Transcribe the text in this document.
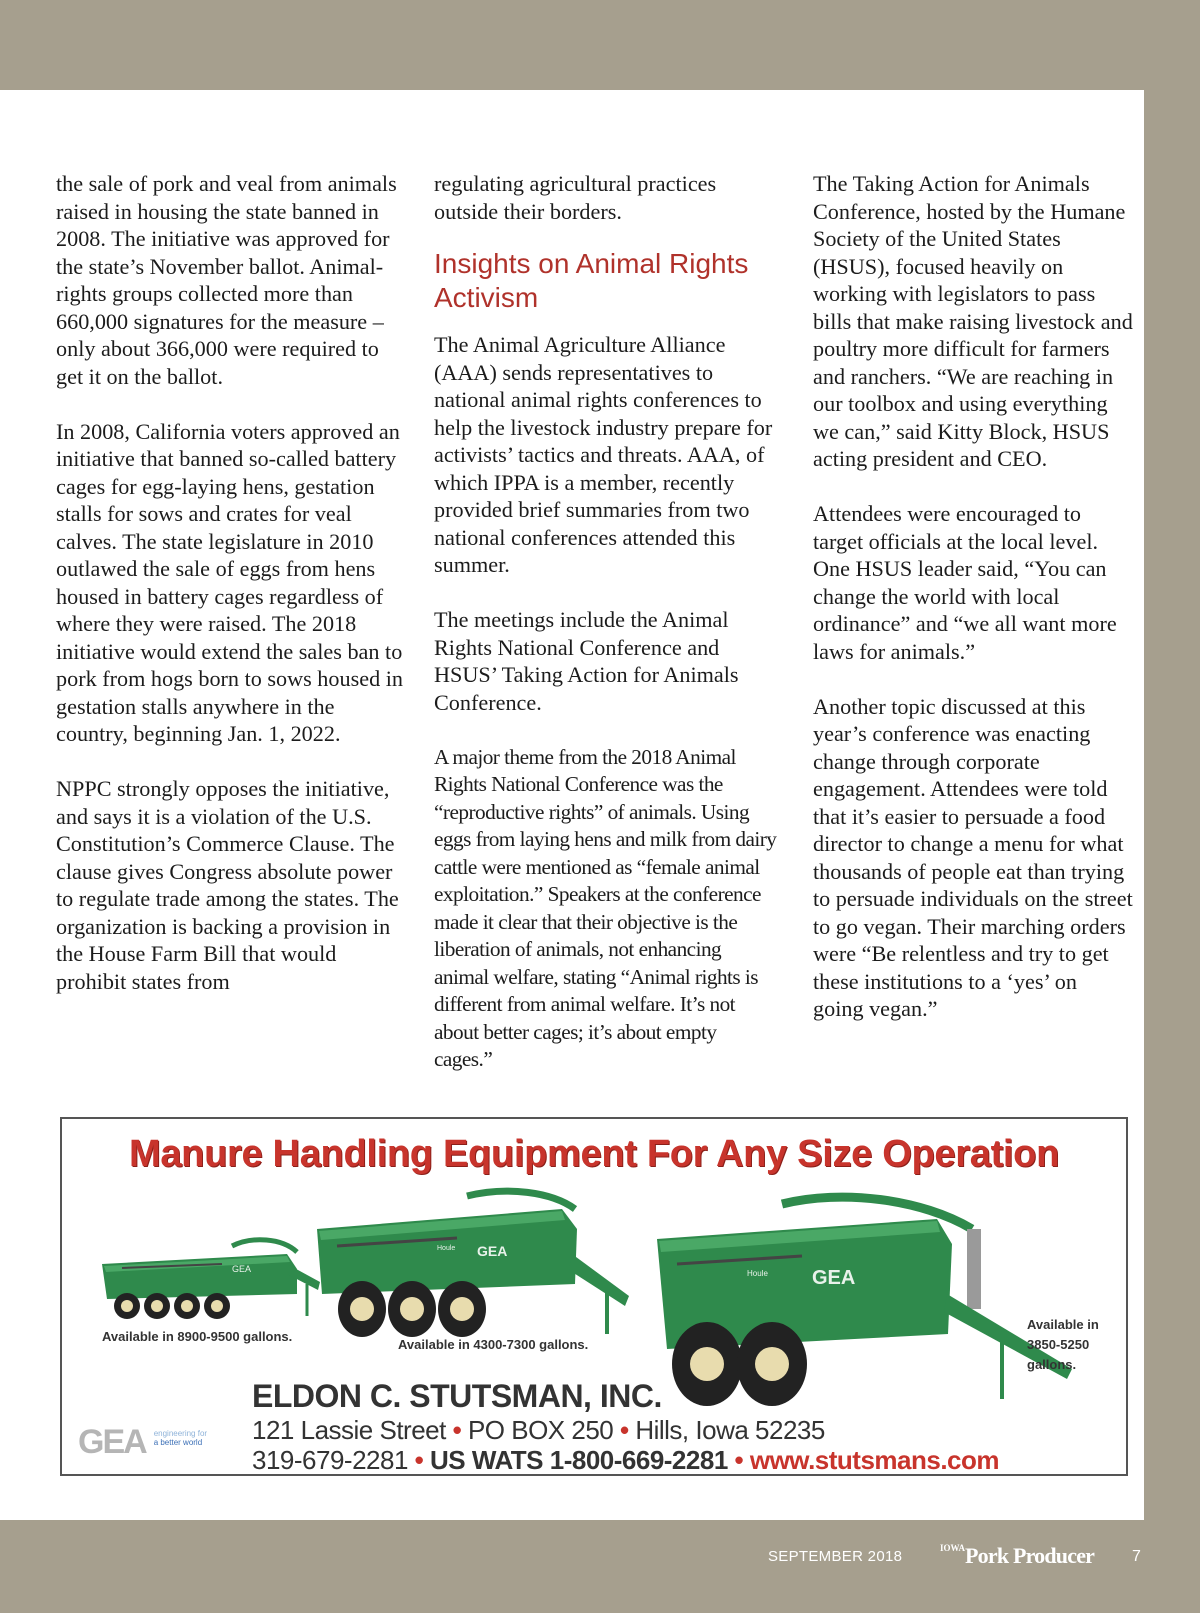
the sale of pork and veal from animals raised in housing the state banned in 2008. The initiative was approved for the state’s November ballot. Animal-rights groups collected more than 660,000 signatures for the measure – only about 366,000 were required to get it on the ballot.

In 2008, California voters approved an initiative that banned so-called battery cages for egg-laying hens, gestation stalls for sows and crates for veal calves. The state legislature in 2010 outlawed the sale of eggs from hens housed in battery cages regardless of where they were raised. The 2018 initiative would extend the sales ban to pork from hogs born to sows housed in gestation stalls anywhere in the country, beginning Jan. 1, 2022.

NPPC strongly opposes the initiative, and says it is a violation of the U.S. Constitution’s Commerce Clause. The clause gives Congress absolute power to regulate trade among the states. The organization is backing a provision in the House Farm Bill that would prohibit states from

regulating agricultural practices outside their borders.

Insights on Animal Rights Activism

The Animal Agriculture Alliance (AAA) sends representatives to national animal rights conferences to help the livestock industry prepare for activists’ tactics and threats. AAA, of which IPPA is a member, recently provided brief summaries from two national conferences attended this summer.

The meetings include the Animal Rights National Conference and HSUS’ Taking Action for Animals Conference.

A major theme from the 2018 Animal Rights National Conference was the “reproductive rights” of animals. Using eggs from laying hens and milk from dairy cattle were mentioned as “female animal exploitation.” Speakers at the conference made it clear that their objective is the liberation of animals, not enhancing animal welfare, stating “Animal rights is different from animal welfare. It’s not about better cages; it’s about empty cages.”

The Taking Action for Animals Conference, hosted by the Humane Society of the United States (HSUS), focused heavily on working with legislators to pass bills that make raising livestock and poultry more difficult for farmers and ranchers. “We are reaching in our toolbox and using everything we can,” said Kitty Block, HSUS acting president and CEO.

Attendees were encouraged to target officials at the local level. One HSUS leader said, “You can change the world with local ordinance” and “we all want more laws for animals.”

Another topic discussed at this year’s conference was enacting change through corporate engagement. Attendees were told that it’s easier to persuade a food director to change a menu for what thousands of people eat than trying to persuade individuals on the street to go vegan. Their marching orders were “Be relentless and try to get these institutions to a ‘yes’ on going vegan.”

Manure Handling Equipment For Any Size Operation
GEA
Available in 8900-9500 gallons.
GEA
Houle
Available in 4300-7300 gallons.
GEA
Houle
Available in
3850-5250
gallons.
GEA engineering for
a better world
ELDON C. STUTSMAN, INC.
121 Lassie Street • PO BOX 250 • Hills, Iowa 52235
319-679-2281 • US WATS 1-800-669-2281 • www.stutsmans.com
SEPTEMBER 2018	$^{IOWA}$Pork Producer 7
